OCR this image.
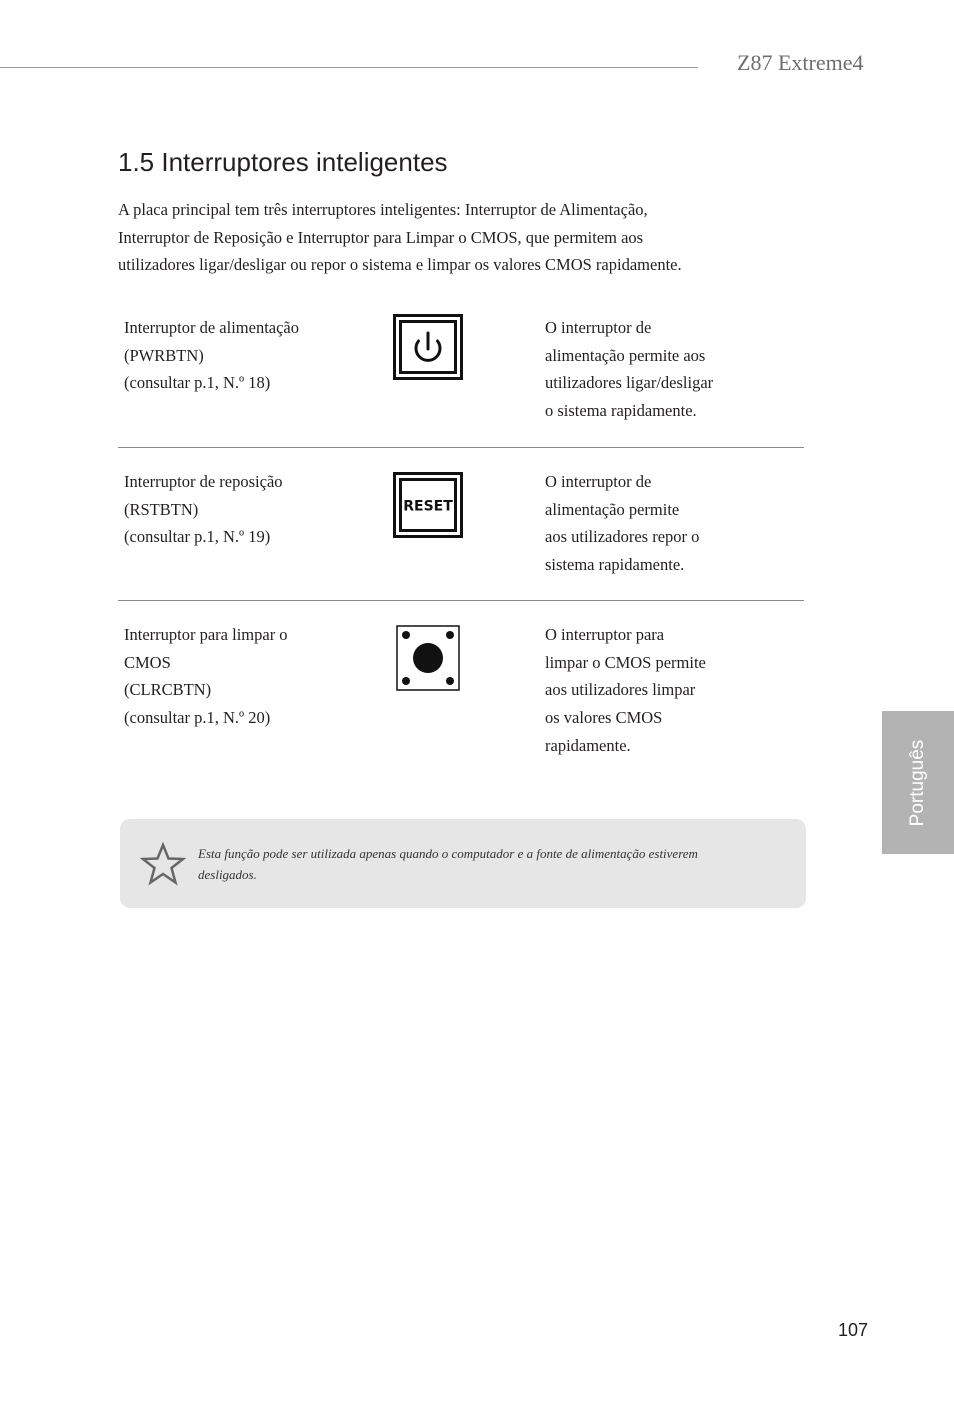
Z87 Extreme4
1.5 Interruptores inteligentes
A placa principal tem três interruptores inteligentes: Interruptor de Alimentação,
Interruptor de Reposição e Interruptor para Limpar o CMOS, que permitem aos
utilizadores ligar/desligar ou repor o sistema e limpar os valores CMOS rapidamente.
Interruptor de alimentação
(PWRBTN)
(consultar p.1, N.º 18)
O interruptor de
alimentação permite aos
utilizadores ligar/desligar
o sistema rapidamente.
Interruptor de reposição
(RSTBTN)
(consultar p.1, N.º 19)
RESET
O interruptor de
alimentação permite
aos utilizadores repor o
sistema rapidamente.
Interruptor para limpar o
CMOS
(CLRCBTN)
(consultar p.1, N.º 20)
O interruptor para
limpar o CMOS permite
aos utilizadores limpar
os valores CMOS
rapidamente.
Esta função pode ser utilizada apenas quando o computador e a fonte de alimentação estiverem
desligados.
Português
107
